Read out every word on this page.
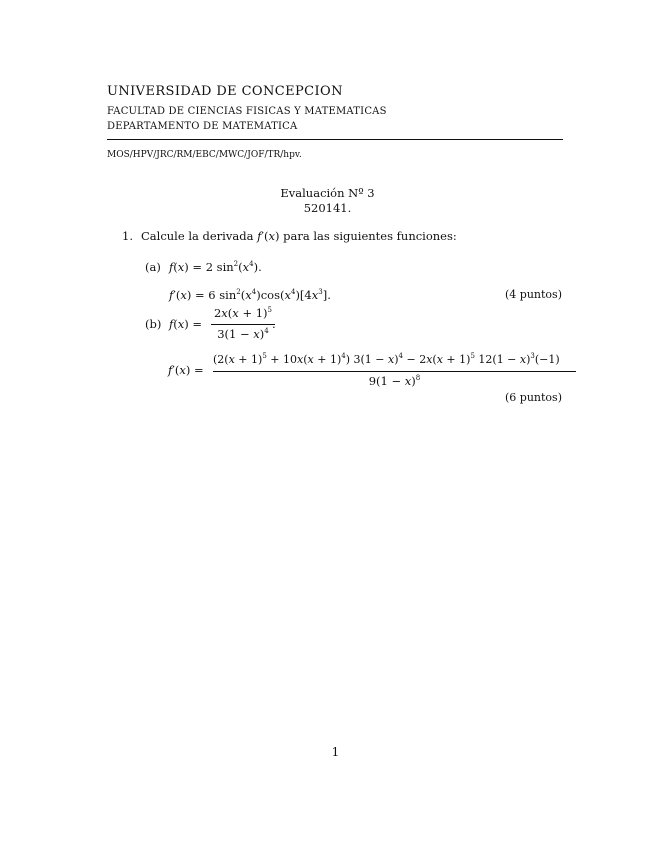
UNIVERSIDAD DE CONCEPCION
FACULTAD DE CIENCIAS FISICAS Y MATEMATICAS
DEPARTAMENTO DE MATEMATICA
MOS/HPV/JRC/RM/EBC/MWC/JOF/TR/hpv.
Evaluación Nº 3
520141.
1. Calcule la derivada f′(x) para las siguientes funciones:
(a) f(x) = 2 $\sin^2(x^4)$.
f′(x) = 6 $\sin^2(x^4)\cos(x^4)[4x^3]$.	(4 puntos)
(b) f(x) =
$2x(x + 1)^5$
$3(1 - x)^4$ .
f′(x) =
$(2(x + 1)^5 + 10x(x + 1)^4)$ $3(1 - x)^4 - 2x(x + 1)^5$ $12(1 - x)^3(-1)$
$9(1 - x)^8$
(6 puntos)
1
